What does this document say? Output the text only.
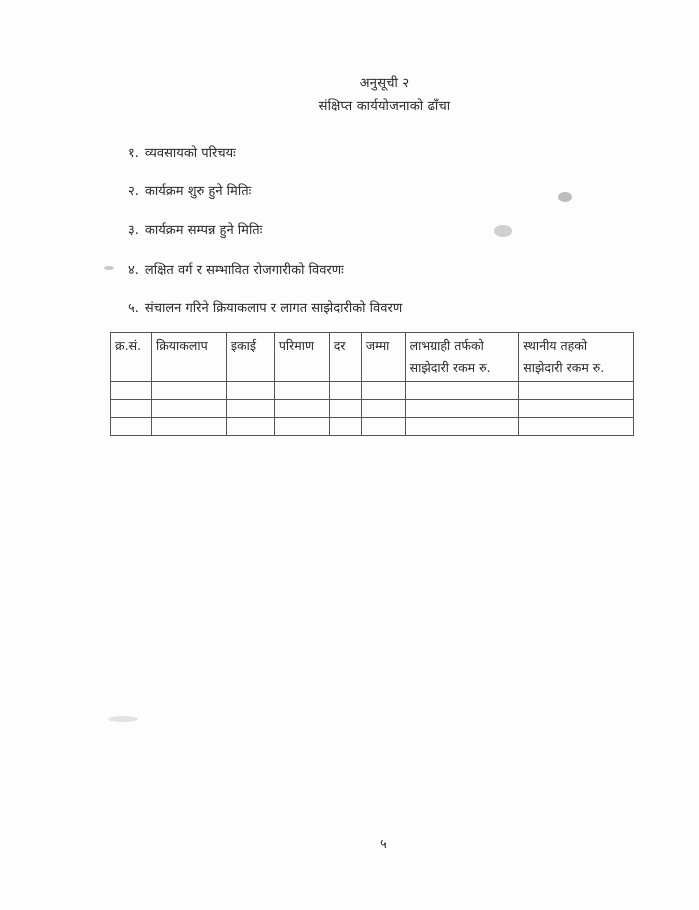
अनुसूची २
संक्षिप्त कार्ययोजनाको ढाँचा
१. व्यवसायको परिचयः
२. कार्यक्रम शुरु हुने मितिः
३. कार्यक्रम सम्पन्न हुने मितिः
४. लक्षित वर्ग र सम्भावित रोजगारीको विवरणः
५. संचालन गरिने क्रियाकलाप र लागत साझेदारीको विवरण
क्र.सं.	क्रियाकलाप	इकाई	परिमाण	दर	जम्मा	लाभग्राही तर्फको साझेदारी रकम रु.	स्थानीय तहको साझेदारी रकम रु.

५
